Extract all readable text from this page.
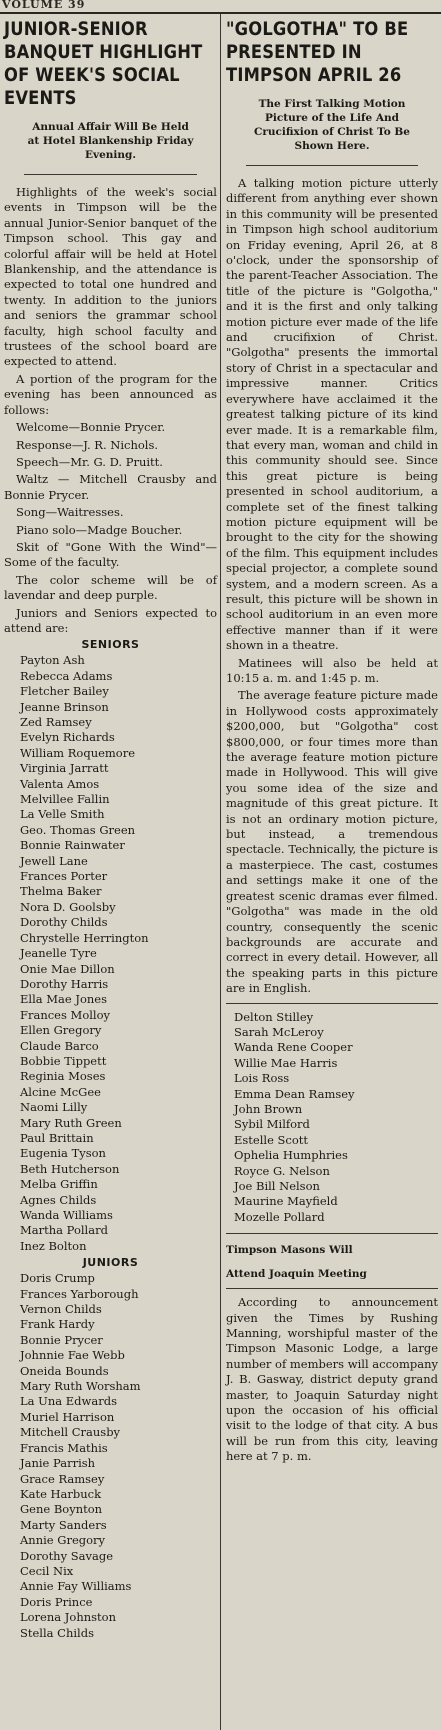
VOLUME 39
JUNIOR-SENIOR BANQUET HIGHLIGHT OF WEEK'S SOCIAL EVENTS
Annual Affair Will Be Held at Hotel Blankenship Friday Evening.
Highlights of the week's social events in Timpson will be the annual Junior-Senior banquet of the Timpson school. This gay and colorful affair will be held at Hotel Blankenship, and the attendance is expected to total one hundred and twenty. In addition to the juniors and seniors the grammar school faculty, high school faculty and trustees of the school board are expected to attend.
A portion of the program for the evening has been announced as follows:
Welcome—Bonnie Prycer.
Response—J. R. Nichols.
Speech—Mr. G. D. Pruitt.
Waltz — Mitchell Crausby and Bonnie Prycer.
Song—Waitresses.
Piano solo—Madge Boucher.
Skit of "Gone With the Wind"—Some of the faculty.
The color scheme will be of lavendar and deep purple.
Juniors and Seniors expected to attend are:
SENIORS
Payton Ash
Rebecca Adams
Fletcher Bailey
Jeanne Brinson
Zed Ramsey
Evelyn Richards
William Roquemore
Virginia Jarratt
Valenta Amos
Melvillee Fallin
La Velle Smith
Geo. Thomas Green
Bonnie Rainwater
Jewell Lane
Frances Porter
Thelma Baker
Nora D. Goolsby
Dorothy Childs
Chrystelle Herrington
Jeanelle Tyre
Onie Mae Dillon
Dorothy Harris
Ella Mae Jones
Frances Molloy
Ellen Gregory
Claude Barco
Bobbie Tippett
Reginia Moses
Alcine McGee
Naomi Lilly
Mary Ruth Green
Paul Brittain
Eugenia Tyson
Beth Hutcherson
Melba Griffin
Agnes Childs
Wanda Williams
Martha Pollard
Inez Bolton
JUNIORS
Doris Crump
Frances Yarborough
Vernon Childs
Frank Hardy
Bonnie Prycer
Johnnie Fae Webb
Oneida Bounds
Mary Ruth Worsham
La Una Edwards
Muriel Harrison
Mitchell Crausby
Francis Mathis
Janie Parrish
Grace Ramsey
Kate Harbuck
Gene Boynton
Marty Sanders
Annie Gregory
Dorothy Savage
Cecil Nix
Annie Fay Williams
Doris Prince
Lorena Johnston
Stella Childs
"GOLGOTHA" TO BE PRESENTED IN TIMPSON APRIL 26
The First Talking Motion Picture of the Life And Crucifixion of Christ To Be Shown Here.
A talking motion picture utterly different from anything ever shown in this community will be presented in Timpson high school auditorium on Friday evening, April 26, at 8 o'clock, under the sponsorship of the parent-Teacher Association. The title of the picture is "Golgotha," and it is the first and only talking motion picture ever made of the life and crucifixion of Christ. "Golgotha" presents the immortal story of Christ in a spectacular and impressive manner. Critics everywhere have acclaimed it the greatest talking picture of its kind ever made. It is a remarkable film, that every man, woman and child in this community should see. Since this great picture is being presented in school auditorium, a complete set of the finest talking motion picture equipment will be brought to the city for the showing of the film. This equipment includes special projector, a complete sound system, and a modern screen. As a result, this picture will be shown in school auditorium in an even more effective manner than if it were shown in a theatre.
Matinees will also be held at 10:15 a. m. and 1:45 p. m.
The average feature picture made in Hollywood costs approximately $200,000, but "Golgotha" cost $800,000, or four times more than the average feature motion picture made in Hollywood. This will give you some idea of the size and magnitude of this great picture. It is not an ordinary motion picture, but instead, a tremendous spectacle. Technically, the picture is a masterpiece. The cast, costumes and settings make it one of the greatest scenic dramas ever filmed. "Golgotha" was made in the old country, consequently the scenic backgrounds are accurate and correct in every detail. However, all the speaking parts in this picture are in English.
Delton Stilley
Sarah McLeroy
Wanda Rene Cooper
Willie Mae Harris
Lois Ross
Emma Dean Ramsey
John Brown
Sybil Milford
Estelle Scott
Ophelia Humphries
Royce G. Nelson
Joe Bill Nelson
Maurine Mayfield
Mozelle Pollard
Timpson Masons Will
Attend Joaquin Meeting
According to announcement given the Times by Rushing Manning, worshipful master of the Timpson Masonic Lodge, a large number of members will accompany J. B. Gasway, district deputy grand master, to Joaquin Saturday night upon the occasion of his official visit to the lodge of that city. A bus will be run from this city, leaving here at 7 p. m.
